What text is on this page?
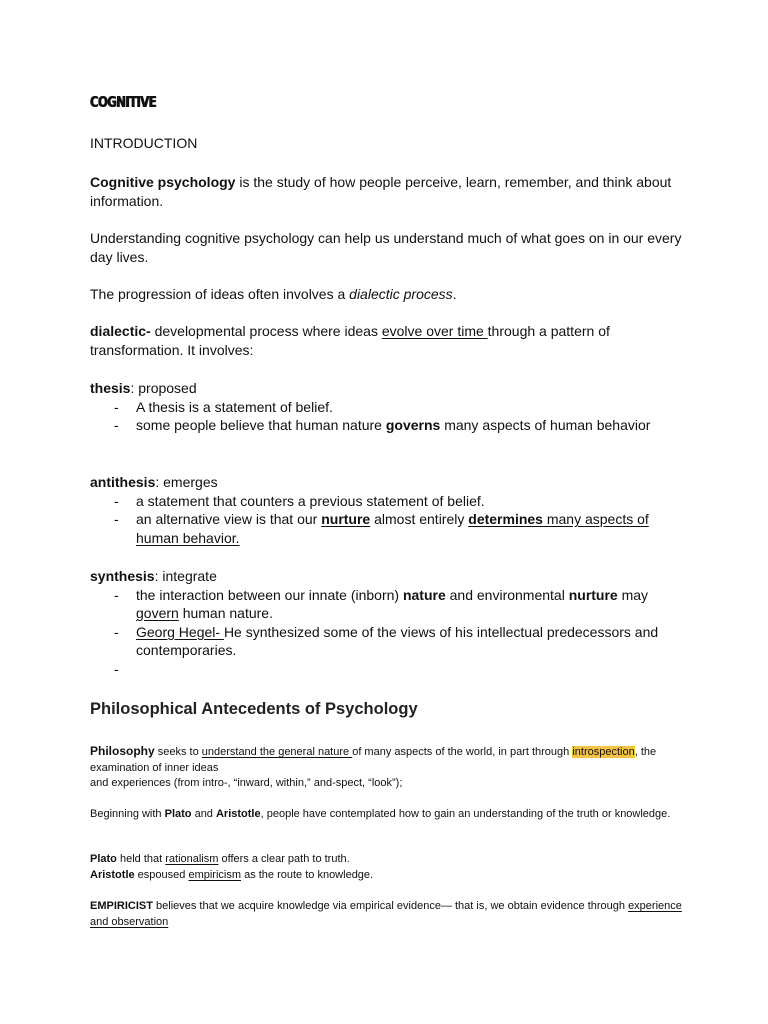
COGNITIVE
INTRODUCTION
Cognitive psychology is the study of how people perceive, learn, remember, and think about information.
Understanding cognitive psychology can help us understand much of what goes on in our every day lives.
The progression of ideas often involves a dialectic process.
dialectic- developmental process where ideas evolve over time through a pattern of transformation. It involves:
thesis: proposed
- A thesis is a statement of belief.
- some people believe that human nature governs many aspects of human behavior
antithesis: emerges
- a statement that counters a previous statement of belief.
- an alternative view is that our nurture almost entirely determines many aspects of human behavior.
synthesis: integrate
- the interaction between our innate (inborn) nature and environmental nurture may govern human nature.
- Georg Hegel- He synthesized some of the views of his intellectual predecessors and contemporaries.
-
Philosophical Antecedents of Psychology
Philosophy seeks to understand the general nature of many aspects of the world, in part through introspection, the examination of inner ideas
and experiences (from intro-, “inward, within,” and-spect, “look”);
Beginning with Plato and Aristotle, people have contemplated how to gain an understanding of the truth or knowledge.
Plato held that rationalism offers a clear path to truth.
Aristotle espoused empiricism as the route to knowledge.
EMPIRICIST believes that we acquire knowledge via empirical evidence— that is, we obtain evidence through experience and observation
